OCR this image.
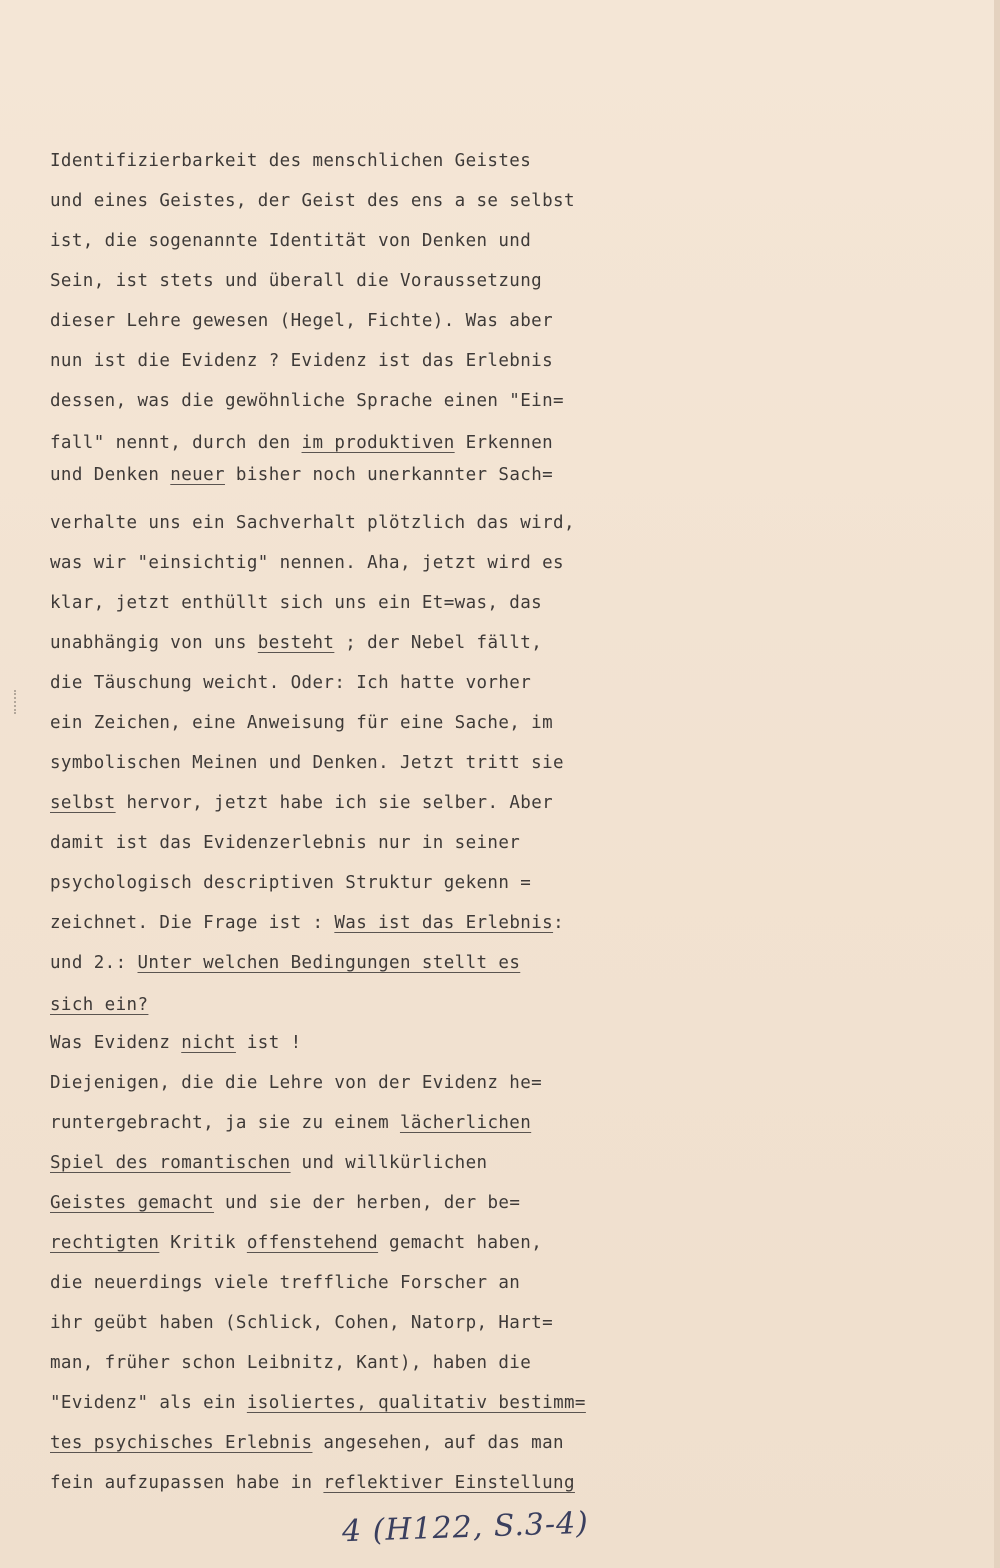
Identifizierbarkeit des menschlichen Geistes
und eines Geistes, der Geist des ens a se selbst
ist, die sogenannte Identität von Denken und
Sein, ist stets und überall die Voraussetzung
dieser Lehre gewesen (Hegel, Fichte). Was aber
nun ist die Evidenz ? Evidenz ist das Erlebnis
dessen, was die gewöhnliche Sprache einen "Ein=
fall" nennt, durch den im produktiven Erkennen
und Denken neuer bisher noch unerkannter Sach=
verhalte uns ein Sachverhalt plötzlich das wird,
was wir "einsichtig" nennen. Aha, jetzt wird es
klar, jetzt enthüllt sich uns ein Et=was, das
unabhängig von uns besteht ; der Nebel fällt,
die Täuschung weicht. Oder: Ich hatte vorher
ein Zeichen, eine Anweisung für eine Sache, im
symbolischen Meinen und Denken. Jetzt tritt sie
selbst hervor, jetzt habe ich sie selber. Aber
damit ist das Evidenzerlebnis nur in seiner
psychologisch descriptiven Struktur gekenn =
zeichnet. Die Frage ist : Was ist das Erlebnis:
und 2.: Unter welchen Bedingungen stellt es
sich ein?
Was Evidenz nicht ist !
Diejenigen, die die Lehre von der Evidenz he=
runtergebracht, ja sie zu einem lächerlichen
Spiel des romantischen und willkürlichen
Geistes gemacht und sie der herben, der be=
rechtigten Kritik offenstehend gemacht haben,
die neuerdings viele treffliche Forscher an
ihr geübt haben (Schlick, Cohen, Natorp, Hart=
man, früher schon Leibnitz, Kant), haben die
"Evidenz" als ein isoliertes, qualitativ bestimm=
tes psychisches Erlebnis angesehen, auf das man
fein aufzupassen habe in reflektiver Einstellung
4 (H122, S.3-4)
